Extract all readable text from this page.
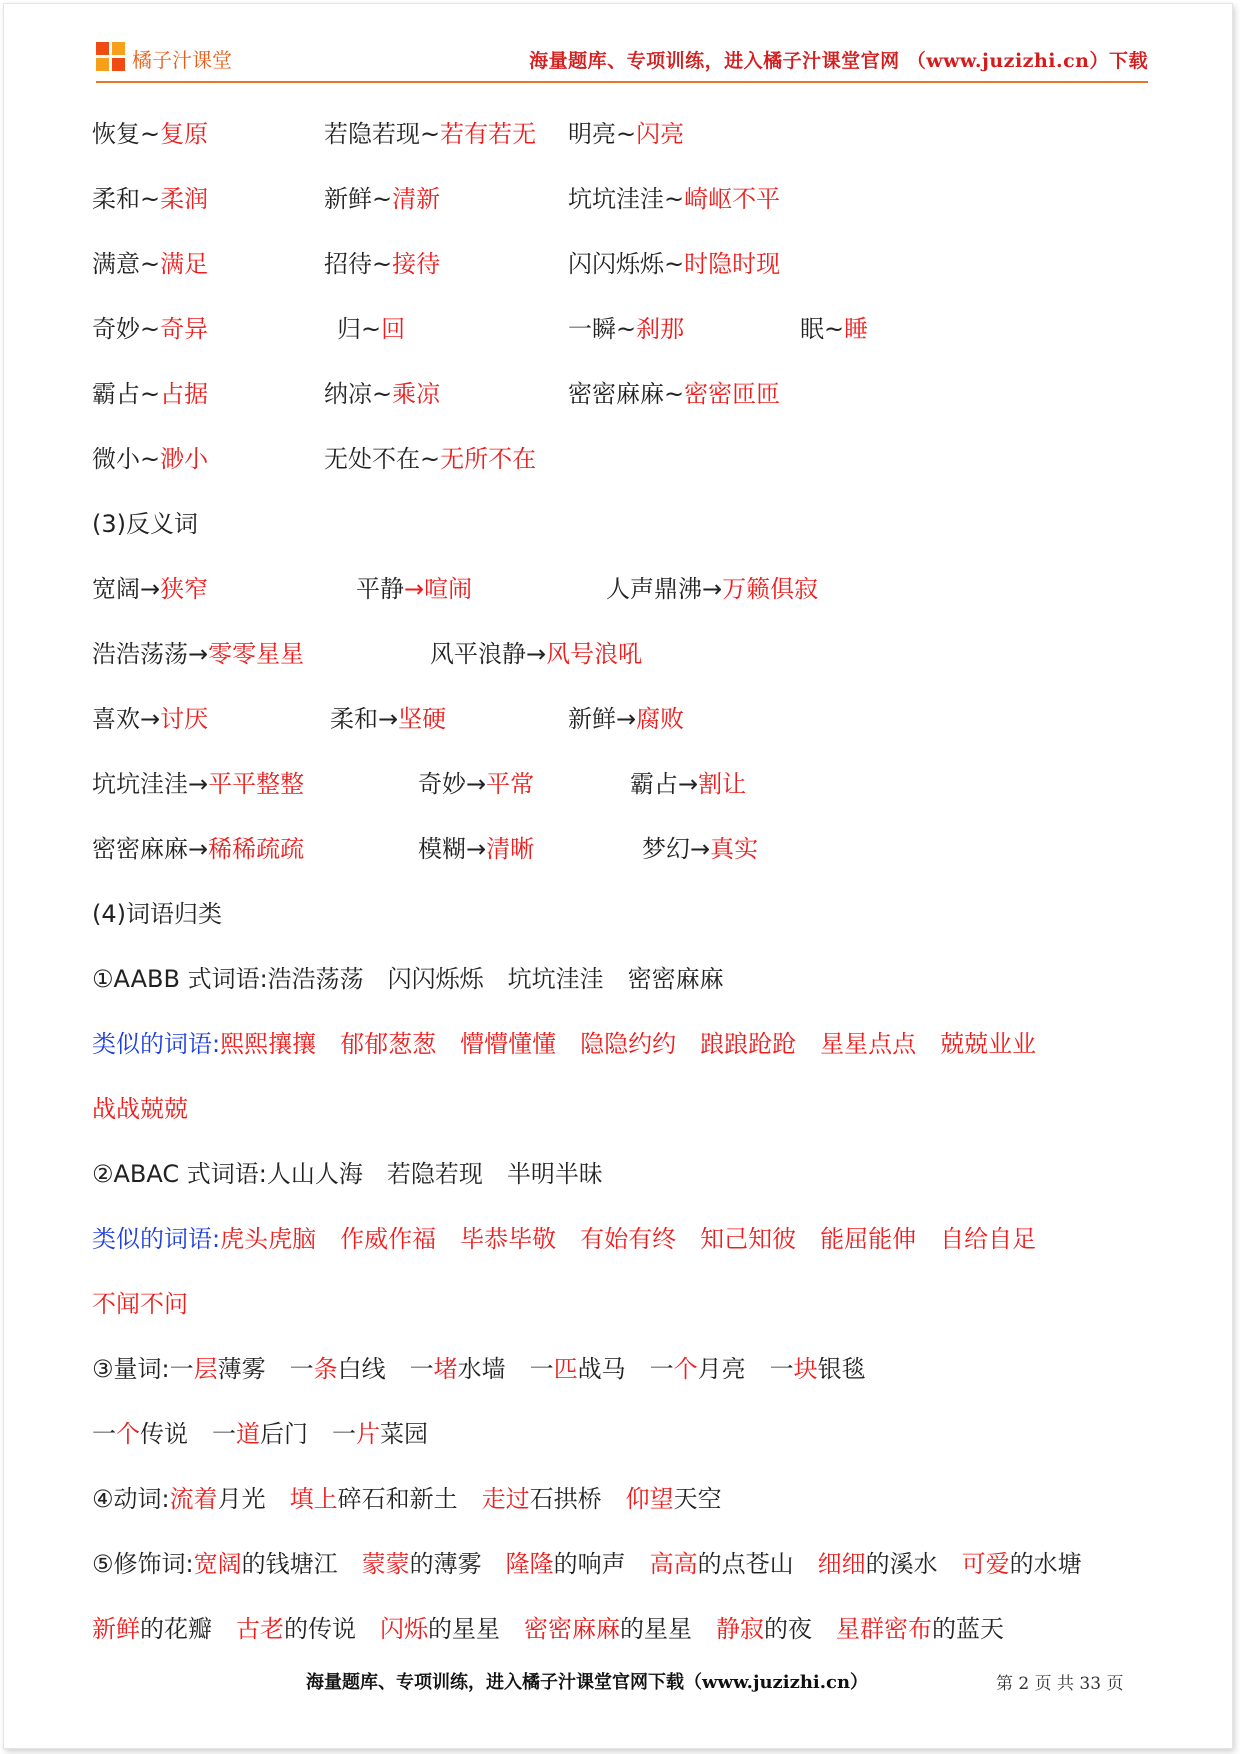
橘子汁课堂	海量题库、专项训练，进入橘子汁课堂官网 （www.juzizhi.cn）下载
恢复~复原	若隐若现~若有若无 明亮~闪亮
柔和~柔润	新鲜~清新	坑坑洼洼~崎岖不平
满意~满足	招待~接待	闪闪烁烁~时隐时现
奇妙~奇异	归~回	一瞬~刹那	眠~睡
霸占~占据	纳凉~乘凉	密密麻麻~密密匝匝
微小~渺小	无处不在~无所不在
(3)反义词
宽阔→狭窄	平静→喧闹	人声鼎沸→万籁俱寂
浩浩荡荡→零零星星	风平浪静→风号浪吼
喜欢→讨厌	柔和→坚硬	新鲜→腐败
坑坑洼洼→平平整整	奇妙→平常	霸占→割让
密密麻麻→稀稀疏疏	模糊→清晰	梦幻→真实
(4)词语归类
①AABB 式词语:浩浩荡荡 闪闪烁烁 坑坑洼洼 密密麻麻
类似的词语:熙熙攘攘 郁郁葱葱 懵懵懂懂 隐隐约约 踉踉跄跄 星星点点 兢兢业业
战战兢兢
②ABAC 式词语:人山人海 若隐若现 半明半昧
类似的词语:虎头虎脑 作威作福 毕恭毕敬 有始有终 知己知彼 能屈能伸 自给自足
不闻不问
③量词:一层薄雾 一条白线 一堵水墙 一匹战马 一个月亮 一块银毯
一个传说 一道后门 一片菜园
④动词:流着月光 填上碎石和新土 走过石拱桥 仰望天空
⑤修饰词:宽阔的钱塘江 蒙蒙的薄雾 隆隆的响声 高高的点苍山 细细的溪水 可爱的水塘
新鲜的花瓣 古老的传说 闪烁的星星 密密麻麻的星星 静寂的夜 星群密布的蓝天
海量题库、专项训练，进入橘子汁课堂官网下载（www.juzizhi.cn）	第 2 页 共 33 页
